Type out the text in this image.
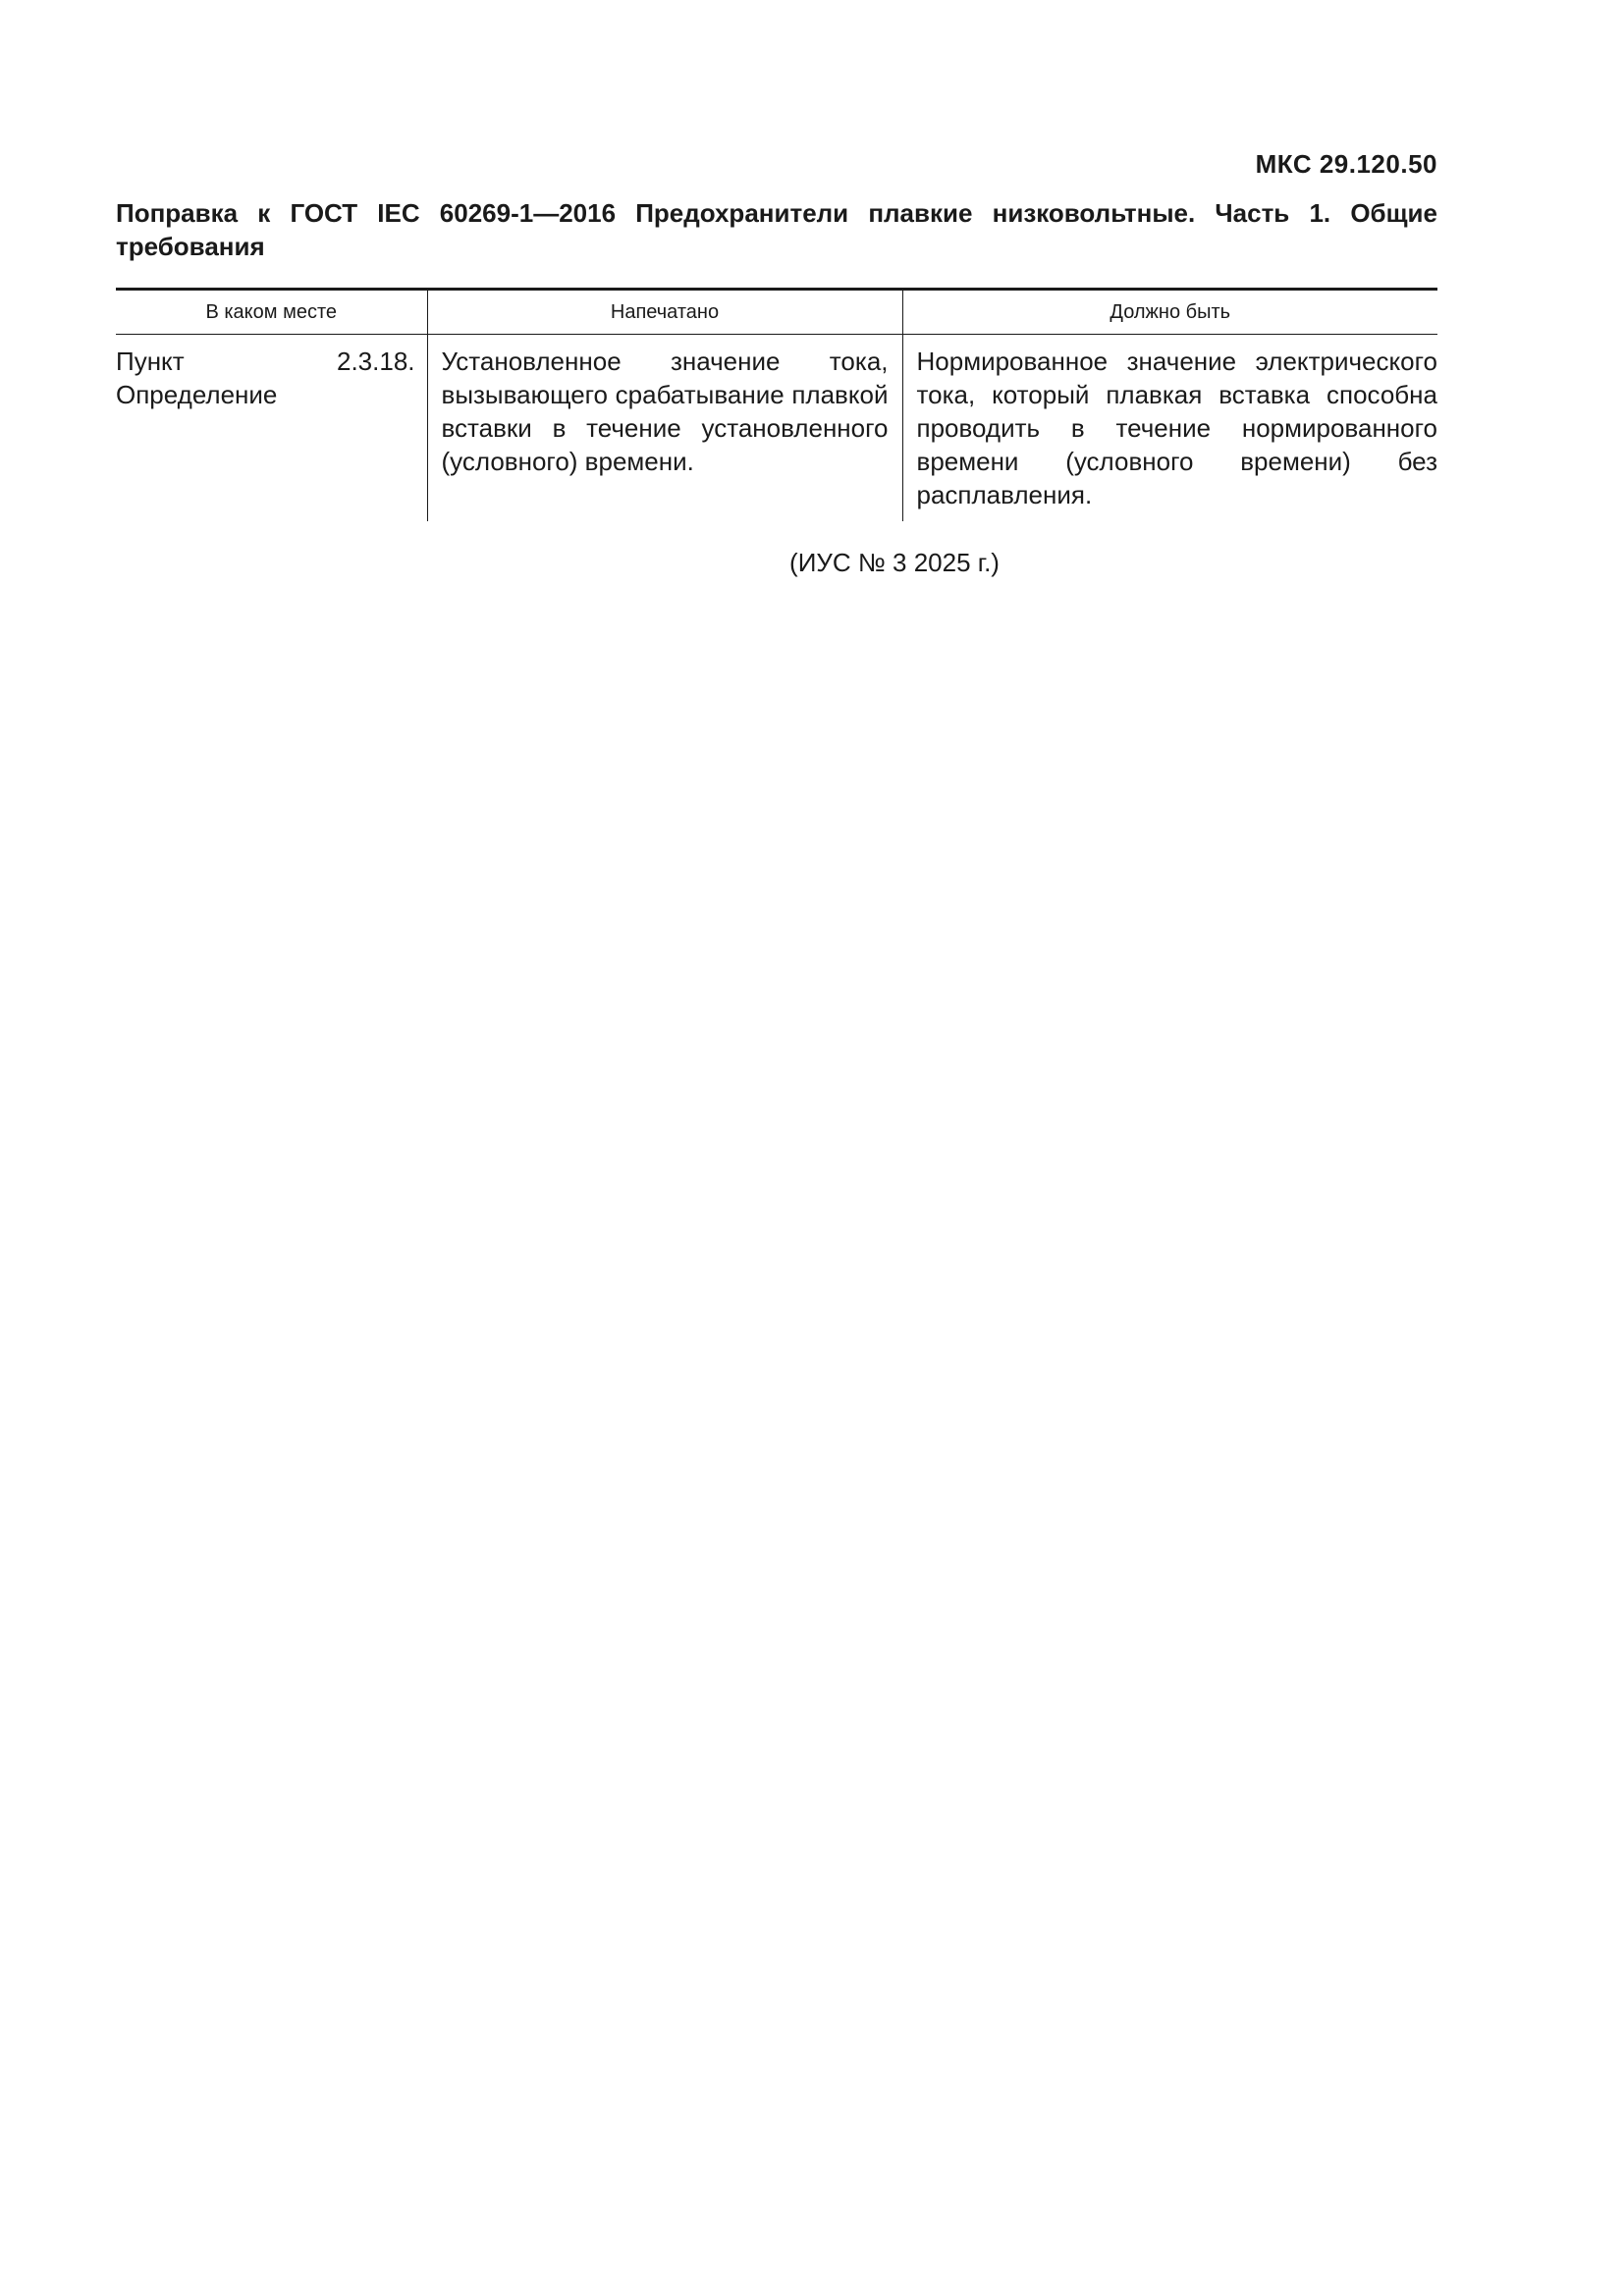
МКС 29.120.50
Поправка к ГОСТ IEC 60269-1—2016 Предохранители плавкие низковольтные. Часть 1. Общие требования
В каком месте	Напечатано	Должно быть
Пункт 2.3.18. Определение	Установленное значение тока, вызывающего срабатывание плавкой вставки в течение установленного (условного) времени.	Нормированное значение электрического тока, который плавкая вставка способна проводить в течение нормированного времени (условного времени) без расплавления.
(ИУС № 3 2025 г.)
